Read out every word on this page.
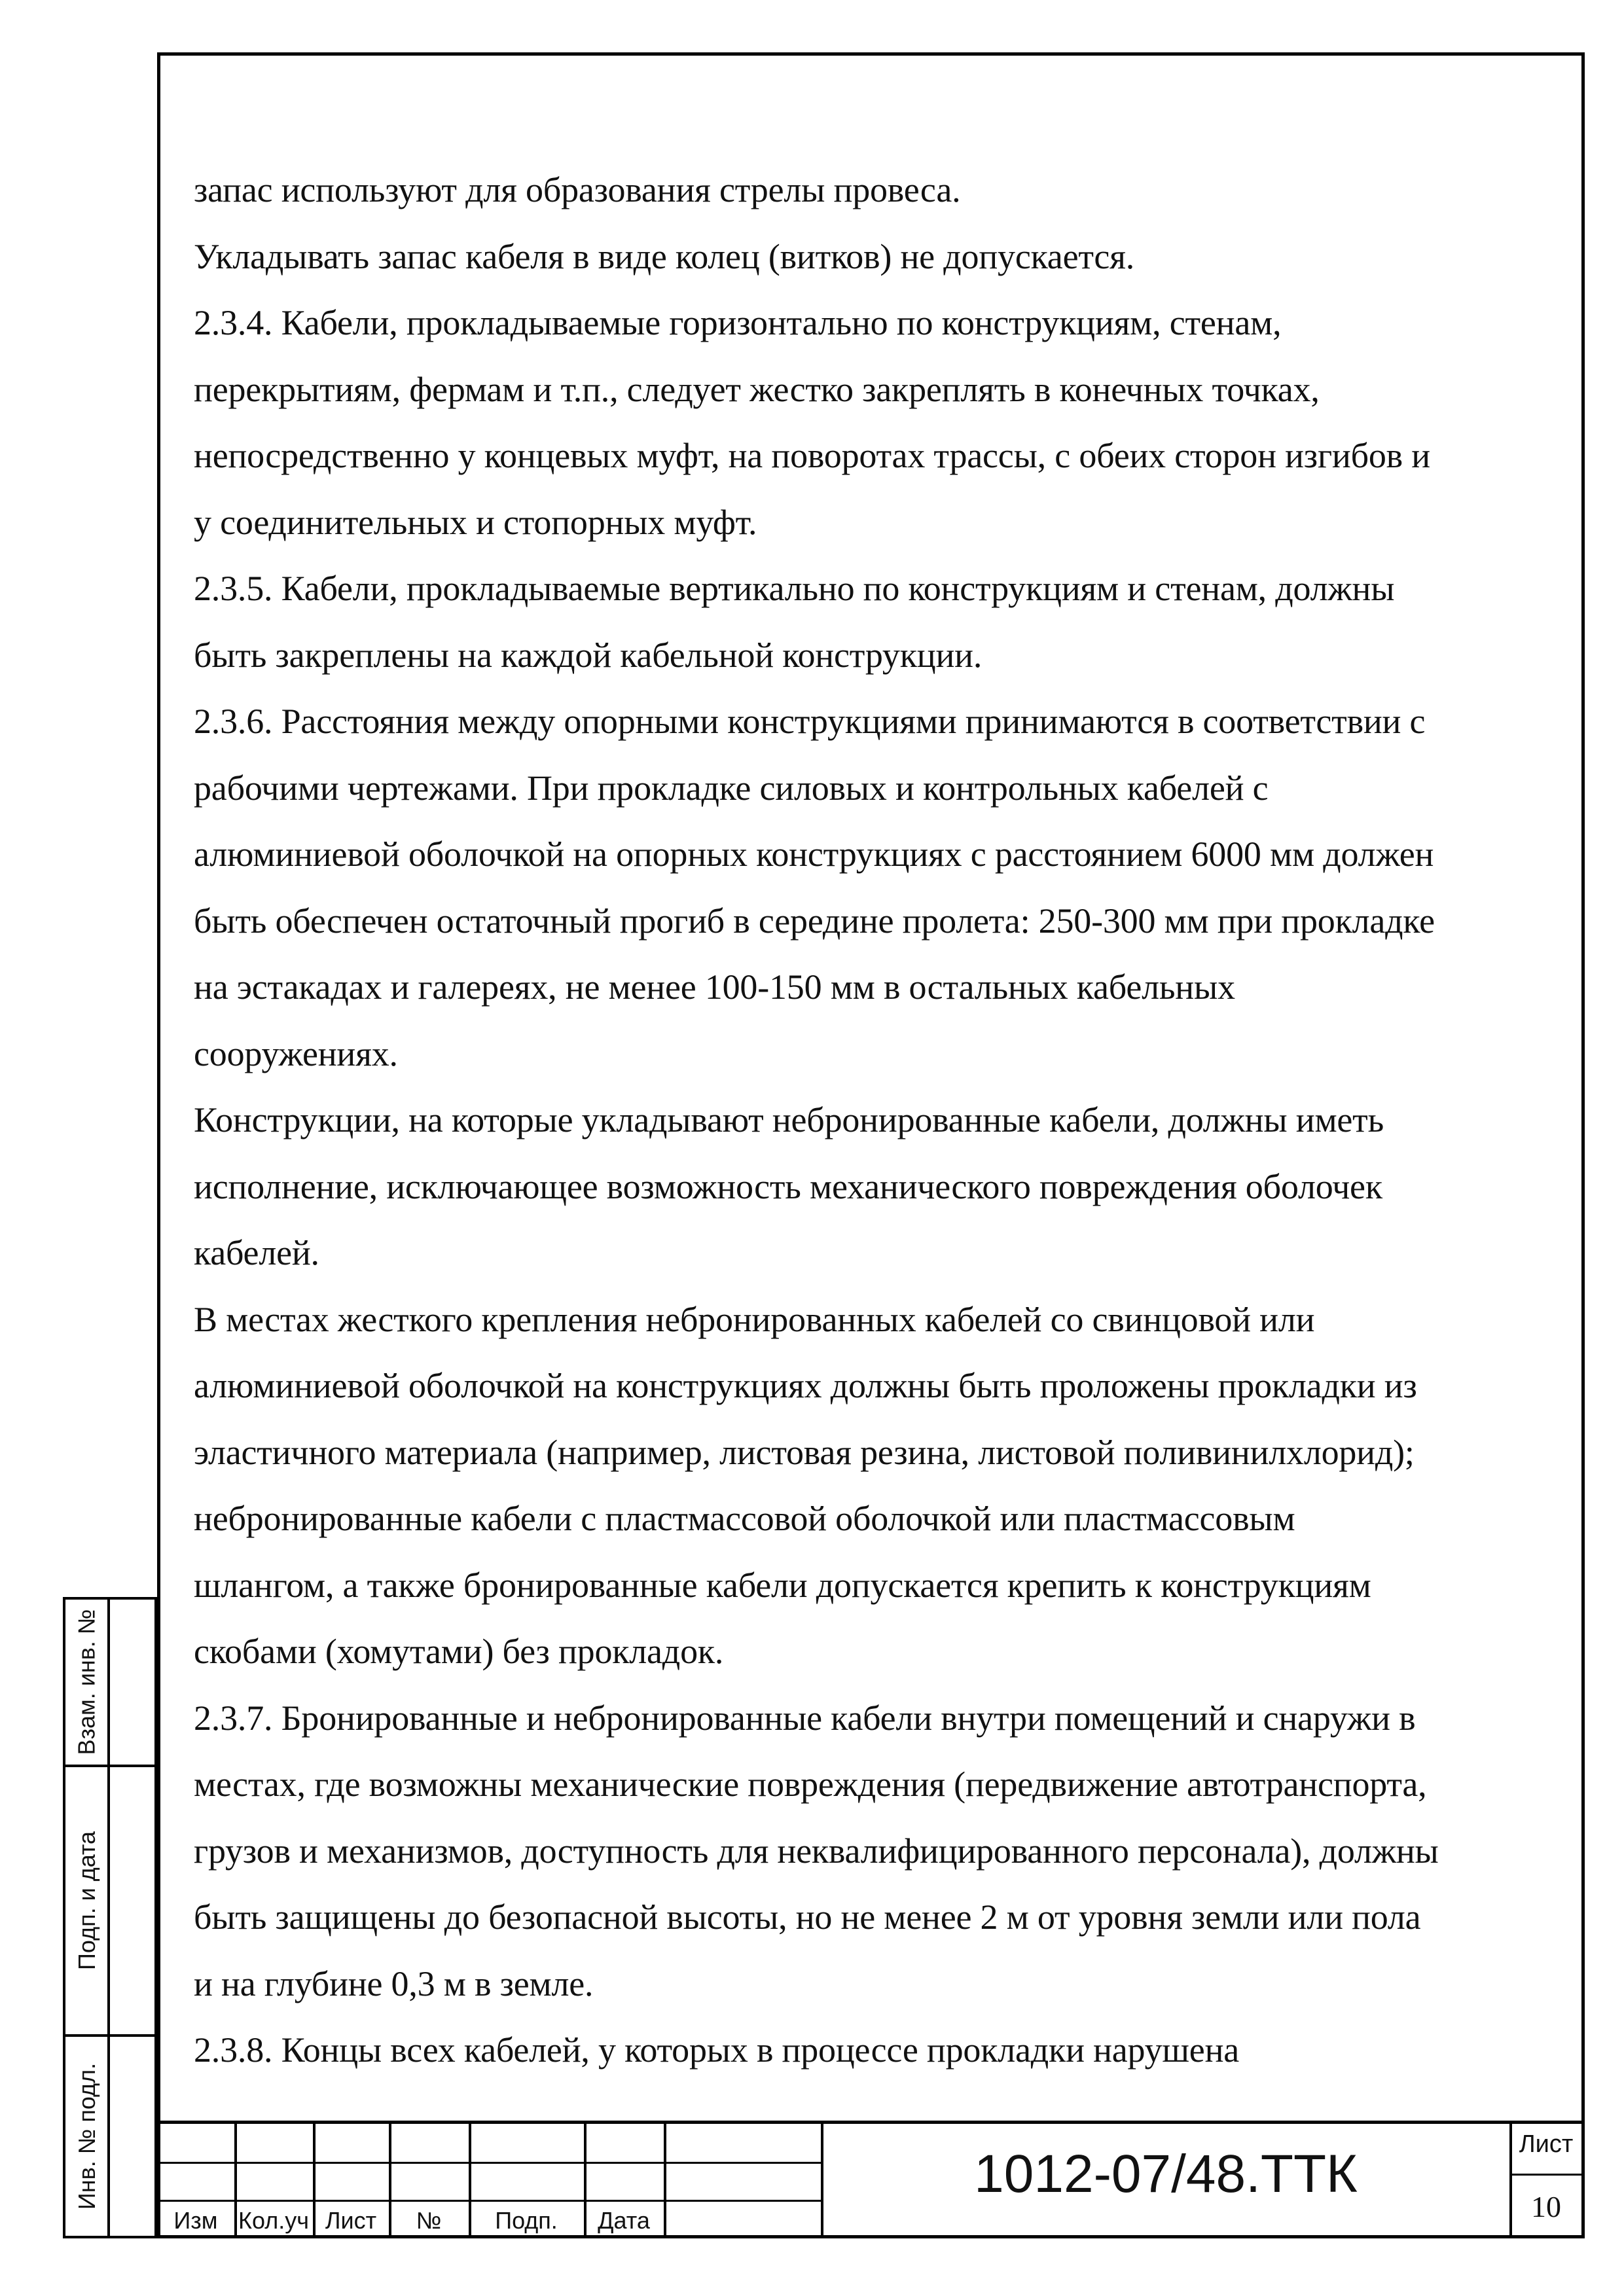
запас используют для образования стрелы провеса.
Укладывать запас кабеля в виде колец (витков) не допускается.
2.3.4. Кабели, прокладываемые горизонтально по конструкциям, стенам,
перекрытиям, фермам и т.п., следует жестко закреплять в конечных точках,
непосредственно у концевых муфт, на поворотах трассы, с обеих сторон изгибов и
у соединительных и стопорных муфт.
2.3.5. Кабели, прокладываемые вертикально по конструкциям и стенам, должны
быть закреплены на каждой кабельной конструкции.
2.3.6. Расстояния между опорными конструкциями принимаются в соответствии с
рабочими чертежами. При прокладке силовых и контрольных кабелей с
алюминиевой оболочкой на опорных конструкциях с расстоянием 6000 мм должен
быть обеспечен остаточный прогиб в середине пролета: 250-300 мм при прокладке
на эстакадах и галереях, не менее 100-150 мм в остальных кабельных
сооружениях.
Конструкции, на которые укладывают небронированные кабели, должны иметь
исполнение, исключающее возможность механического повреждения оболочек
кабелей.
В местах жесткого крепления небронированных кабелей со свинцовой или
алюминиевой оболочкой на конструкциях должны быть проложены прокладки из
эластичного материала (например, листовая резина, листовой поливинилхлорид);
небронированные кабели с пластмассовой оболочкой или пластмассовым
шлангом, а также бронированные кабели допускается крепить к конструкциям
скобами (хомутами) без прокладок.
2.3.7. Бронированные и небронированные кабели внутри помещений и снаружи в
местах, где возможны механические повреждения (передвижение автотранспорта,
грузов и механизмов, доступность для неквалифицированного персонала), должны
быть защищены до безопасной высоты, но не менее 2 м от уровня земли или пола
и на глубине 0,3 м в земле.
2.3.8. Концы всех кабелей, у которых в процессе прокладки нарушена
Взам. инв. №
Подп. и дата
Инв. № подл.
Изм Кол.уч Лист	№	Подп.	Дата
1012-07/48.ТТК	Лист
10
